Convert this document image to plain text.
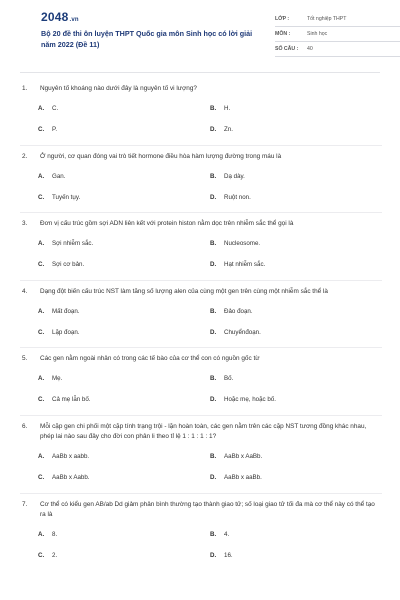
2048.vn
Bộ 20 đề thi ôn luyện THPT Quốc gia môn Sinh học có lời giải năm 2022 (Đề 11)
LỚP :	Tốt nghiệp THPT
MÔN :	Sinh học
SỐ CÂU :	40
1.	Nguyên tố khoáng nào dưới đây là nguyên tố vi lượng?
A.	C.	B.	H.
C.	P.	D.	Zn.
2.	Ở người, cơ quan đóng vai trò tiết hormone điều hòa hàm lượng đường trong máu là
A.	Gan.	B.	Dạ dày.
C.	Tuyến tụy.	D.	Ruột non.
3.	Đơn vị cấu trúc gồm sợi ADN liên kết với protein histon nằm dọc trên nhiễm sắc thể gọi là
A.	Sợi nhiễm sắc.	B.	Nucleosome.
C.	Sợi cơ bản.	D.	Hạt nhiễm sắc.
4.	Dạng đột biến cấu trúc NST làm tăng số lượng alen của cùng một gen trên cùng một nhiễm sắc thể là
A.	Mất đoạn.	B.	Đảo đoạn.
C.	Lặp đoạn.	D.	Chuyểnđoạn.
5.	Các gen nằm ngoài nhân có trong các tế bào của cơ thể con có nguồn gốc từ
A.	Mẹ.	B.	Bố.
C.	Cả mẹ lẫn bố.	D.	Hoặc mẹ, hoặc bố.
6.	Mỗi cặp gen chi phối một cặp tính trạng trội - lặn hoàn toàn, các gen nằm trên các cặp NST tương đồng khác nhau, phép lai nào sau đây cho đời con phân li theo tỉ lệ 1 : 1 : 1 : 1?
A.	AaBb x aabb.	B.	AaBb x AaBb.
C.	AaBb x Aabb.	D.	AaBb x aaBb.
7.	Cơ thể có kiểu gen AB/ab Dd giảm phân bình thường tạo thành giao tử; số loại giao tử tối đa mà cơ thể này có thể tạo ra là
A.	8.	B.	4.
C.	2.	D.	16.
